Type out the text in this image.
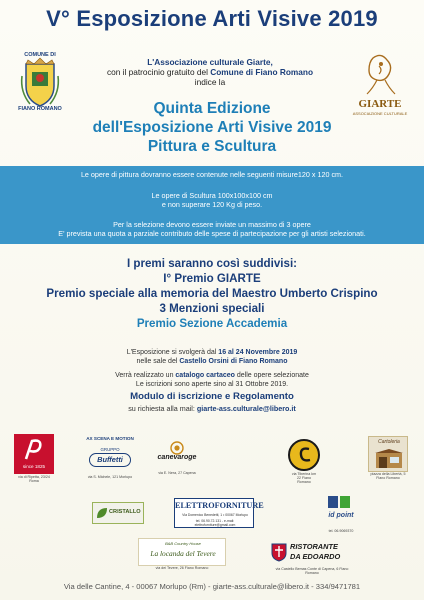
V° Esposizione Arti Visive 2019
COMUNE DI
FIANO ROMANO
L'Associazione culturale Giarte,
con il patrocinio gratuito del Comune di Fiano Romano
indice la
GIARTE
ASSOCIAZIONE CULTURALE
Quinta Edizione
dell'Esposizione Arti Visive 2019
Pittura e Scultura

Le opere di pittura dovranno essere contenute nelle seguenti misure120 x 120 cm.

Le opere di Scultura 100x100x100 cm

e non superare 120 Kg di peso.

Per la selezione devono essere inviate un massimo di 3 opere

E' prevista una quota a parziale contributo delle spese di partecipazione per gli artisti selezionati.

I premi saranno così suddivisi:
I° Premio GIARTE
Premio speciale alla memoria del Maestro Umberto Crispino
3 Menzioni speciali
Premio Sezione Accademia
L'Esposizione si svolgerà dal 16 al 24 Novembre 2019
nelle sale del Castello Orsini di Fiano Romano
Verrà realizzato un catalogo cartaceo delle opere selezionate
Le iscrizioni sono aperte sino al 31 Ottobre 2019.
Modulo di iscrizione e Regolamento
su richiesta alla mail: giarte-ass.culturale@libero.it
since 1825
via di Ripetta, 23/24 Roma
AX SCENA E MOTION
GRUPPO
Buffetti
via S. Michele, 121 Morlupo
canevaroge
via E. Nera, 27 Capena	via Tiberina km 22 Fiano Romano
Cartoleria
piazza della Libertà, 5 Fiano Romano
CRISTALLO
ELETTROFORNITURE
Via Domenico Benedetti, 1 • 00067 Morlupo
tel. 06.90.72.131 - e-mail: elettroforniture@gmail.com
id point
tel. 06.9069370
B&B Country House
La locanda del Tevere
via dei Tevere, 26 Fiano Romano
RISTORANTE
DA EDOARDO
via Castello Bemas Conte di Capena, 6 Fiano Romano
Via delle Cantine, 4 - 00067 Morlupo (Rm) - giarte-ass.culturale@libero.it - 334/9471781
